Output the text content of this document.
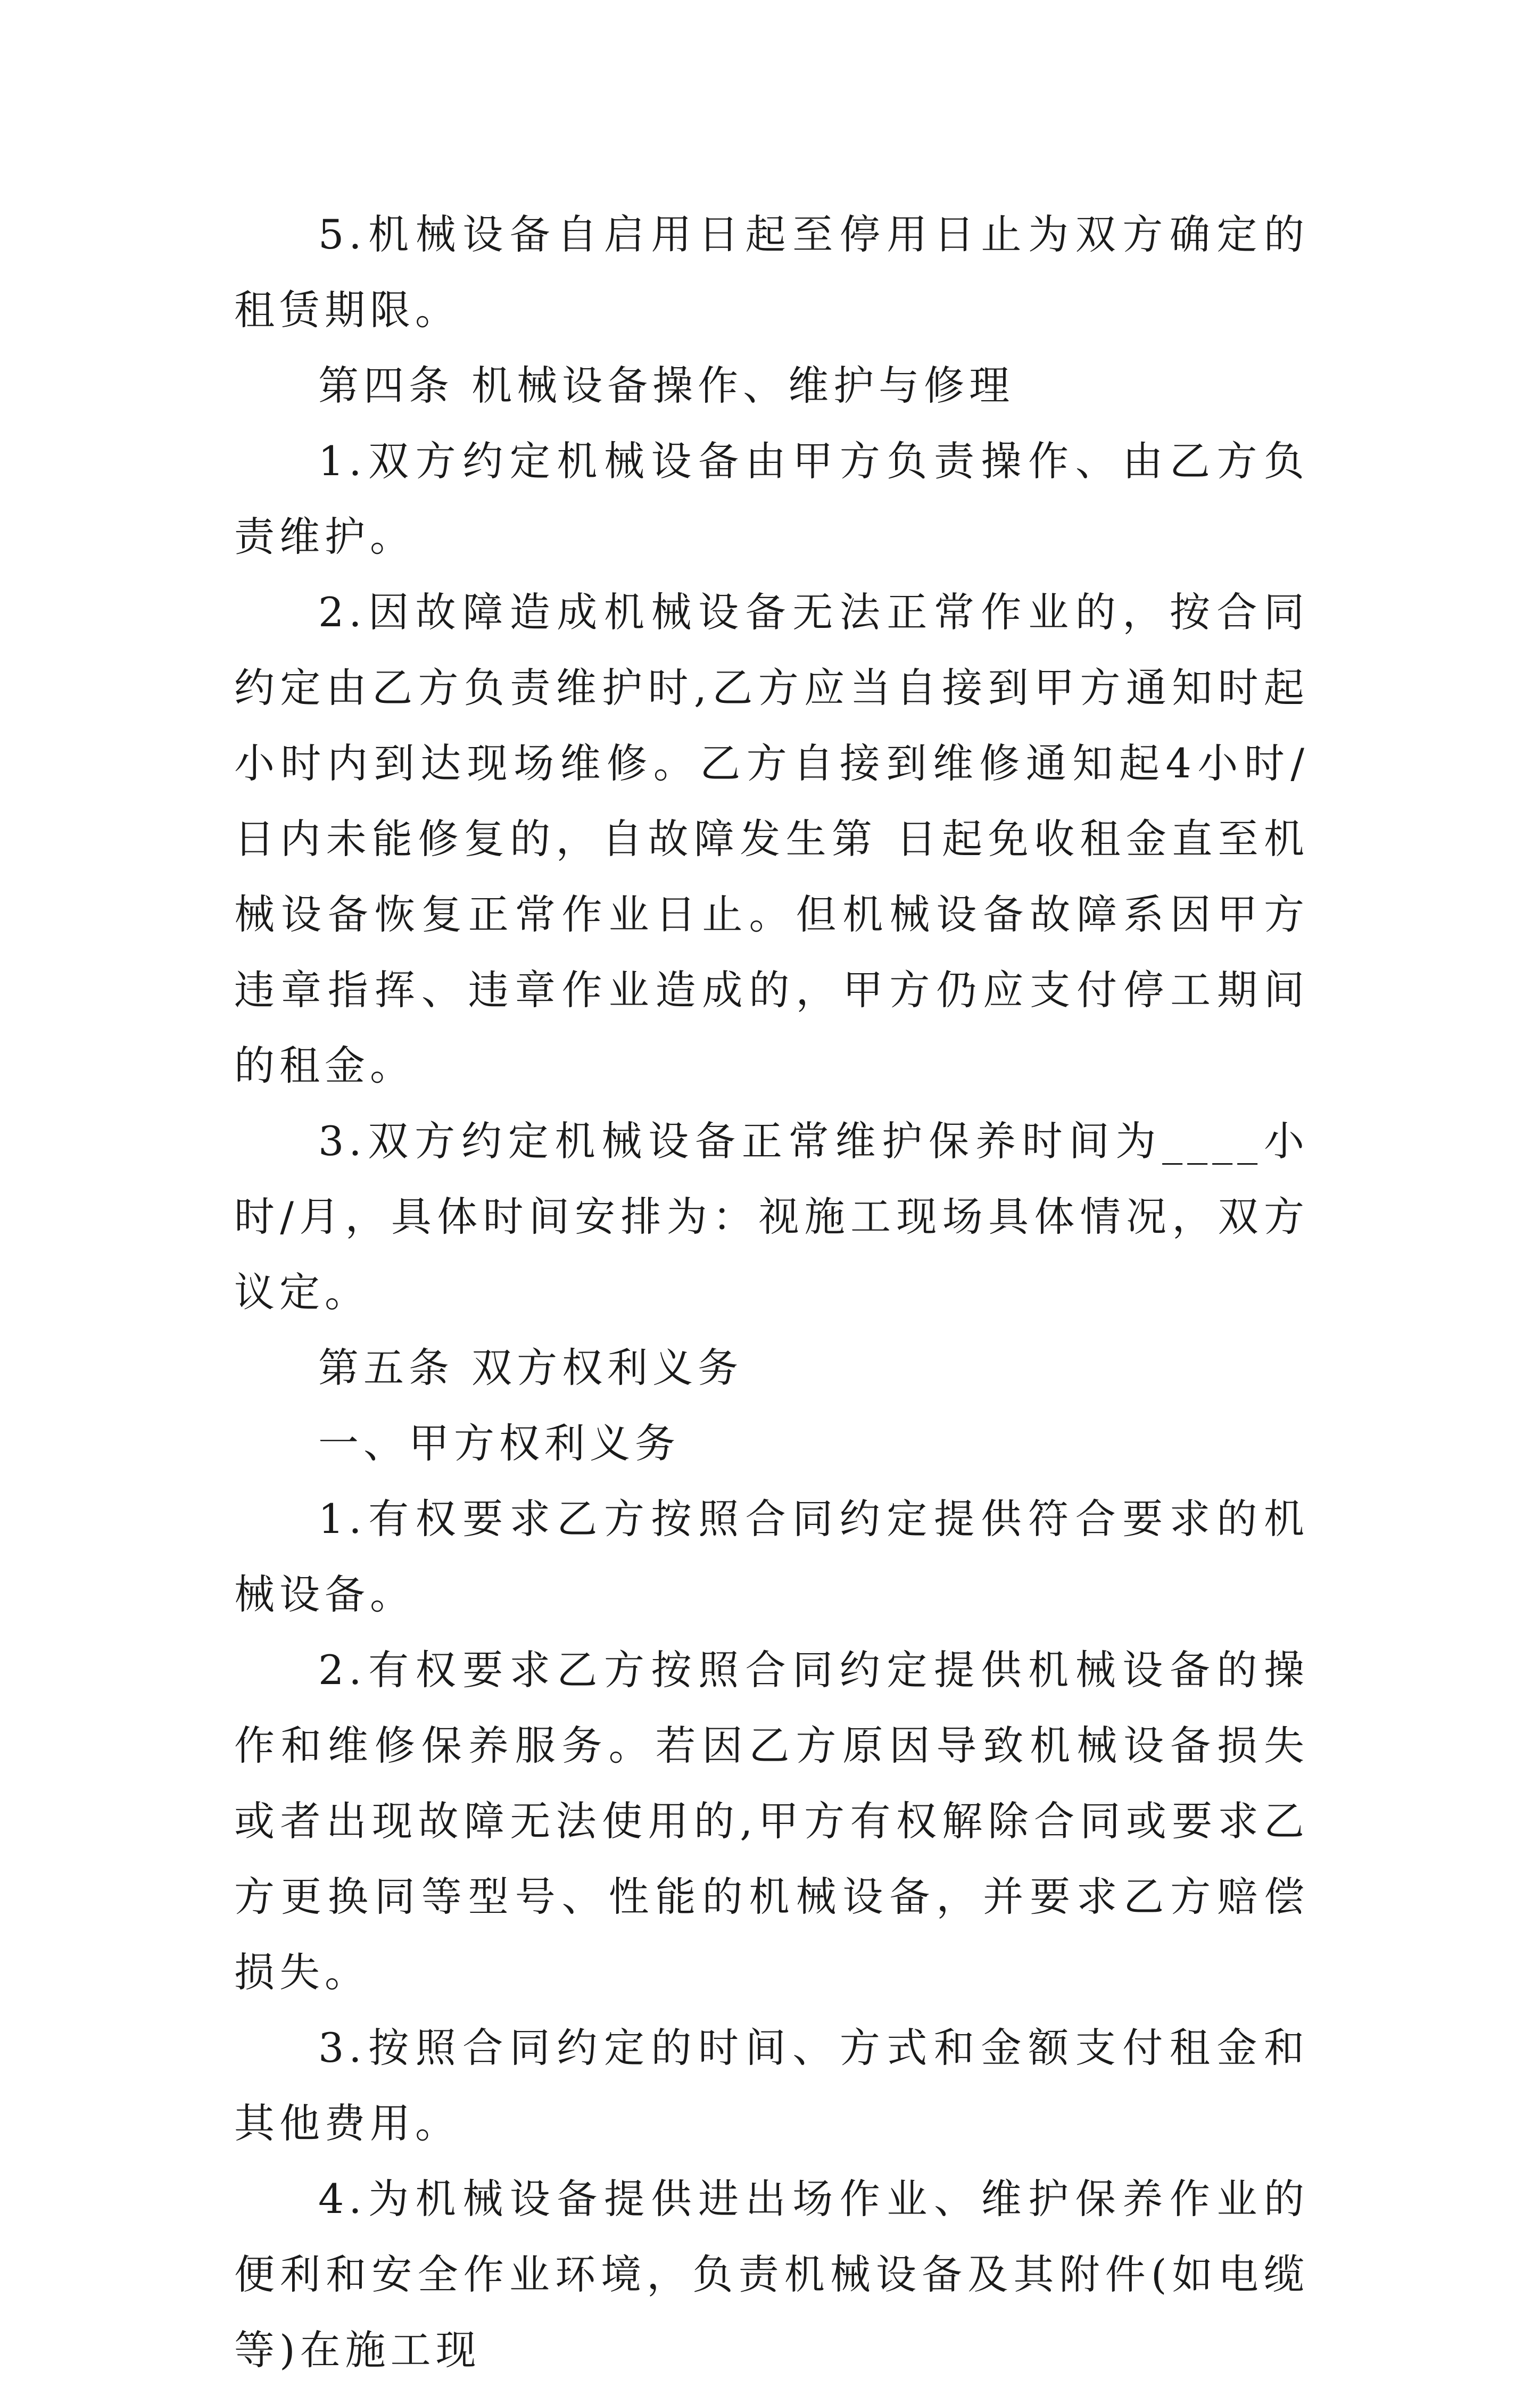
5.机械设备自启用日起至停用日止为双方确定的租赁期限。

第四条 机械设备操作、维护与修理

1.双方约定机械设备由甲方负责操作、由乙方负责维护。

2.因故障造成机械设备无法正常作业的，按合同约定由乙方负责维护时,乙方应当自接到甲方通知时起 小时内到达现场维修。乙方自接到维修通知起4小时/日内未能修复的，自故障发生第 日起免收租金直至机械设备恢复正常作业日止。但机械设备故障系因甲方违章指挥、违章作业造成的，甲方仍应支付停工期间的租金。

3.双方约定机械设备正常维护保养时间为____小时/月，具体时间安排为：视施工现场具体情况，双方议定。

第五条 双方权利义务

一、甲方权利义务

1.有权要求乙方按照合同约定提供符合要求的机械设备。

2.有权要求乙方按照合同约定提供机械设备的操作和维修保养服务。若因乙方原因导致机械设备损失或者出现故障无法使用的,甲方有权解除合同或要求乙方更换同等型号、性能的机械设备，并要求乙方赔偿损失。

3.按照合同约定的时间、方式和金额支付租金和其他费用。

4.为机械设备提供进出场作业、维护保养作业的便利和安全作业环境，负责机械设备及其附件(如电缆等)在施工现
